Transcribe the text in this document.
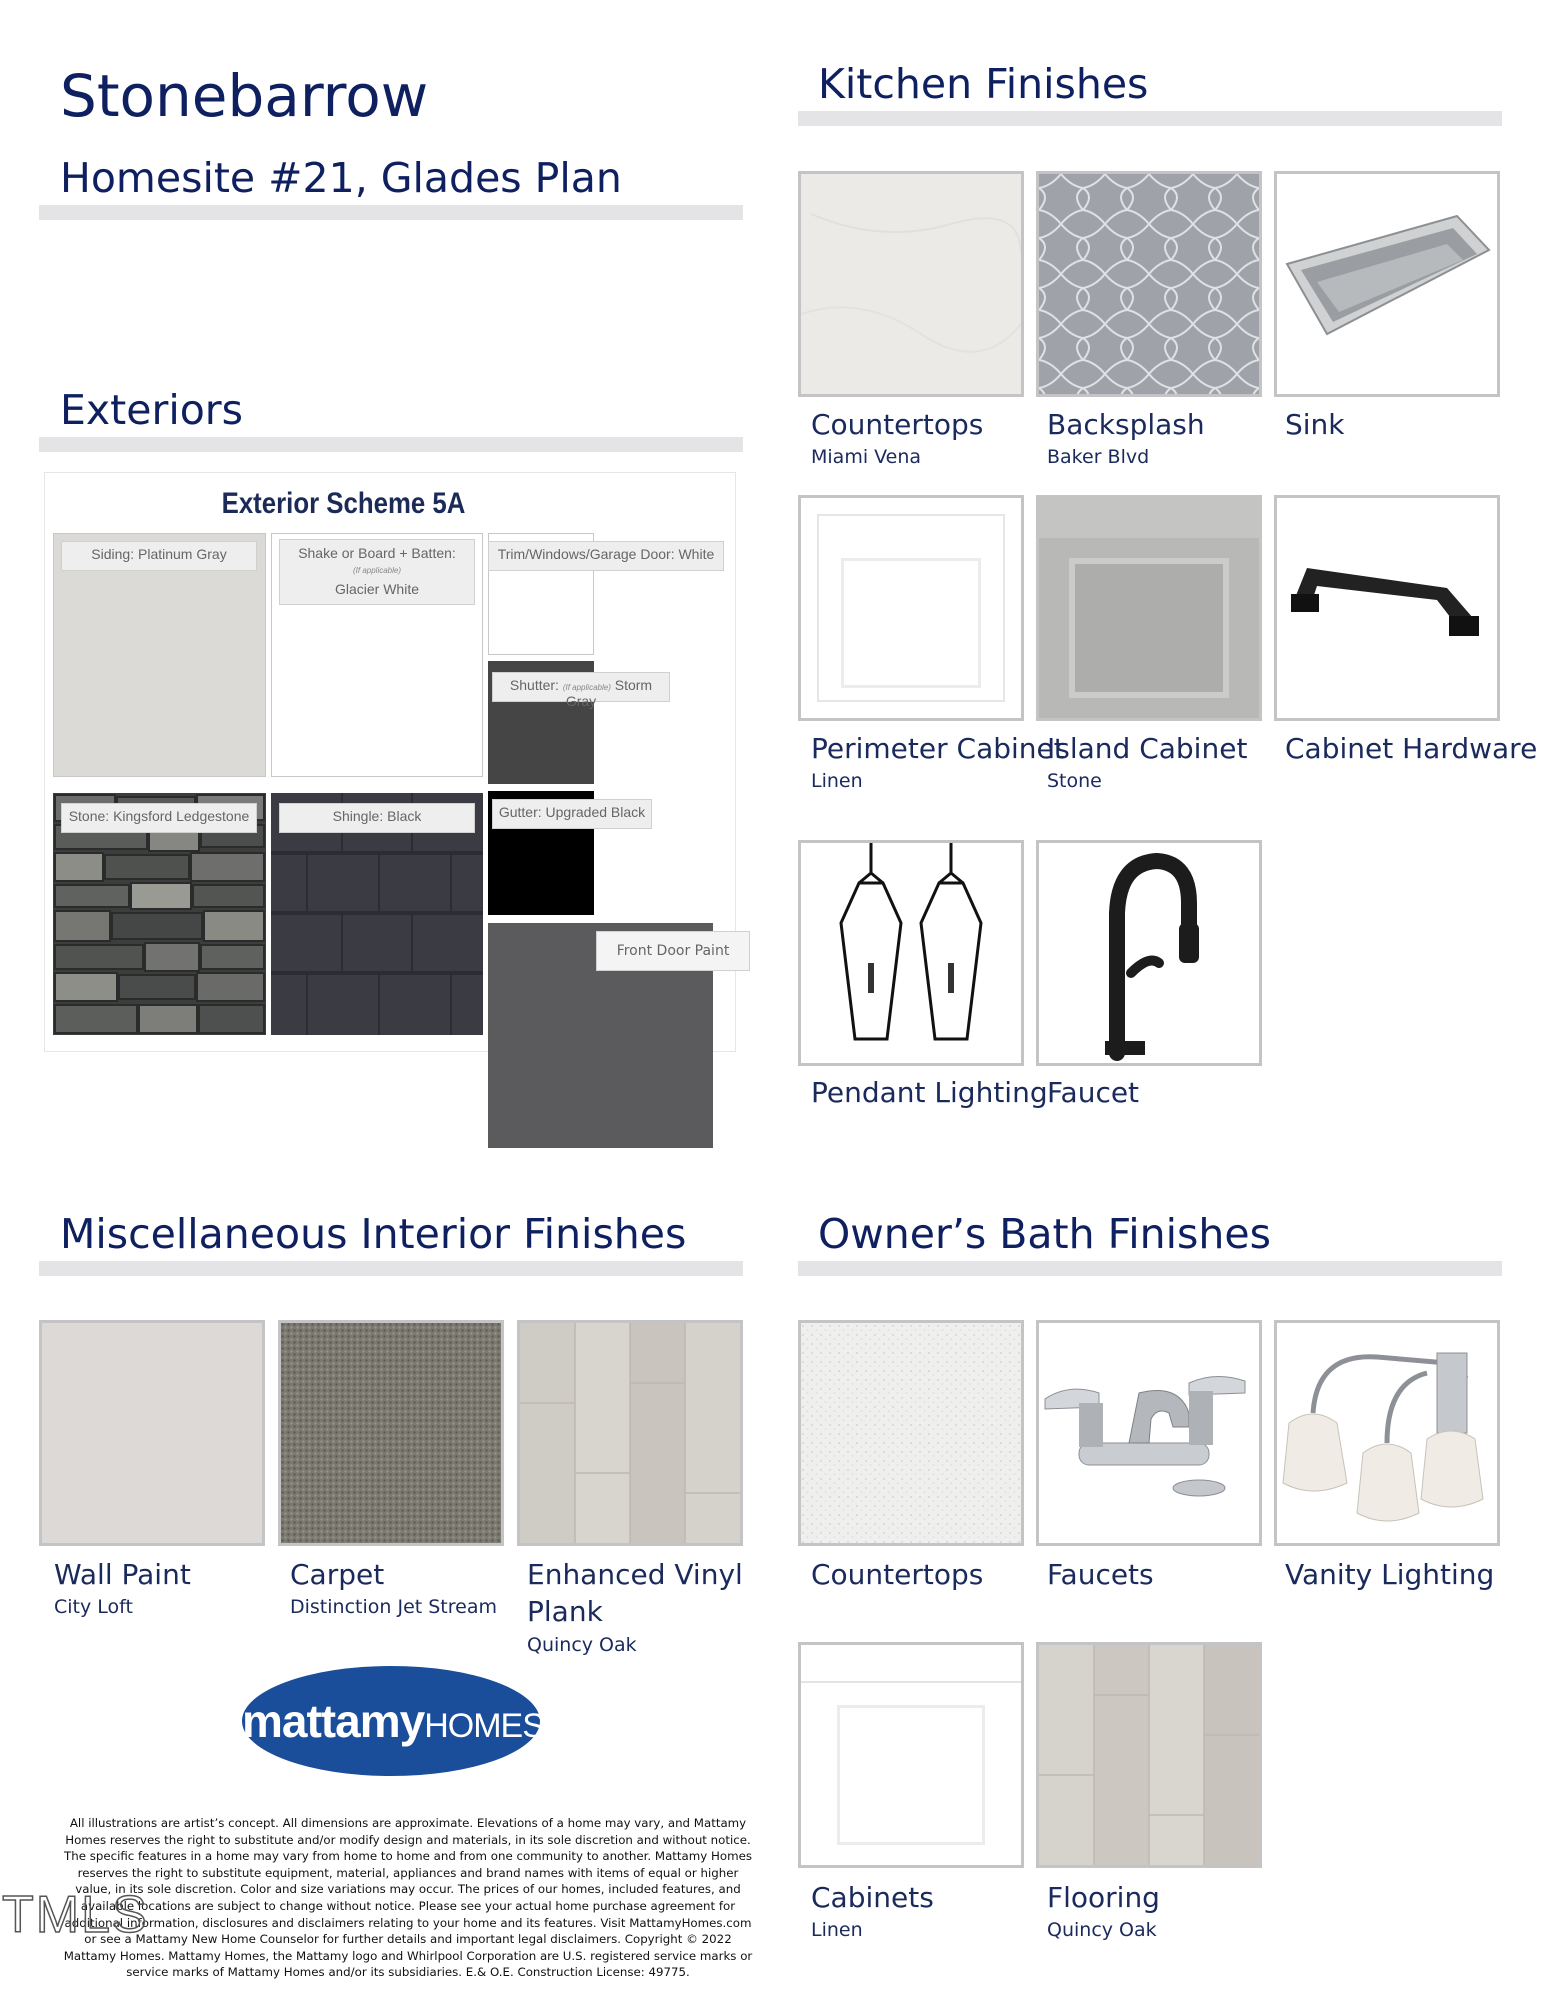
Stonebarrow
Homesite #21, Glades Plan
Exteriors
Exterior Scheme 5A
Siding: Platinum Gray	Shake or Board + Batten:
(If applicable)
Glacier White
Trim/Windows/Garage Door: White
Shutter: (If applicable) Storm Gray
Stone: Kingsford Ledgestone	Shingle: Black	Gutter: Upgraded Black
Front Door Paint
Kitchen Finishes
Countertops
Miami Vena
Backsplash
Baker Blvd
Sink
Perimeter Cabinet
Linen
Island Cabinet
Stone
Cabinet Hardware
Pendant Lighting Faucet
Miscellaneous Interior Finishes
Wall Paint
City Loft
Carpet
Distinction Jet Stream
Enhanced Vinyl
Plank
Quincy Oak
mattamyHOMES
All illustrations are artist’s concept. All dimensions are approximate. Elevations of a home may vary, and Mattamy Homes reserves the right to substitute and/or modify design and materials, in its sole discretion and without notice. The specific features in a home may vary from home to home and from one community to another. Mattamy Homes reserves the right to substitute equipment, material, appliances and brand names with items of equal or higher value, in its sole discretion. Color and size variations may occur. The prices of our homes, included features, and available locations are subject to change without notice. Please see your actual home purchase agreement for additional information, disclosures and disclaimers relating to your home and its features. Visit MattamyHomes.com or see a Mattamy New Home Counselor for further details and important legal disclaimers. Copyright © 2022 Mattamy Homes. Mattamy Homes, the Mattamy logo and Whirlpool Corporation are U.S. registered service marks or service marks of Mattamy Homes and/or its subsidiaries. E.& O.E. Construction License: 49775.
TMLS
Owner’s Bath Finishes
Countertops Faucets	Vanity Lighting
Cabinets
Linen
Flooring
Quincy Oak
